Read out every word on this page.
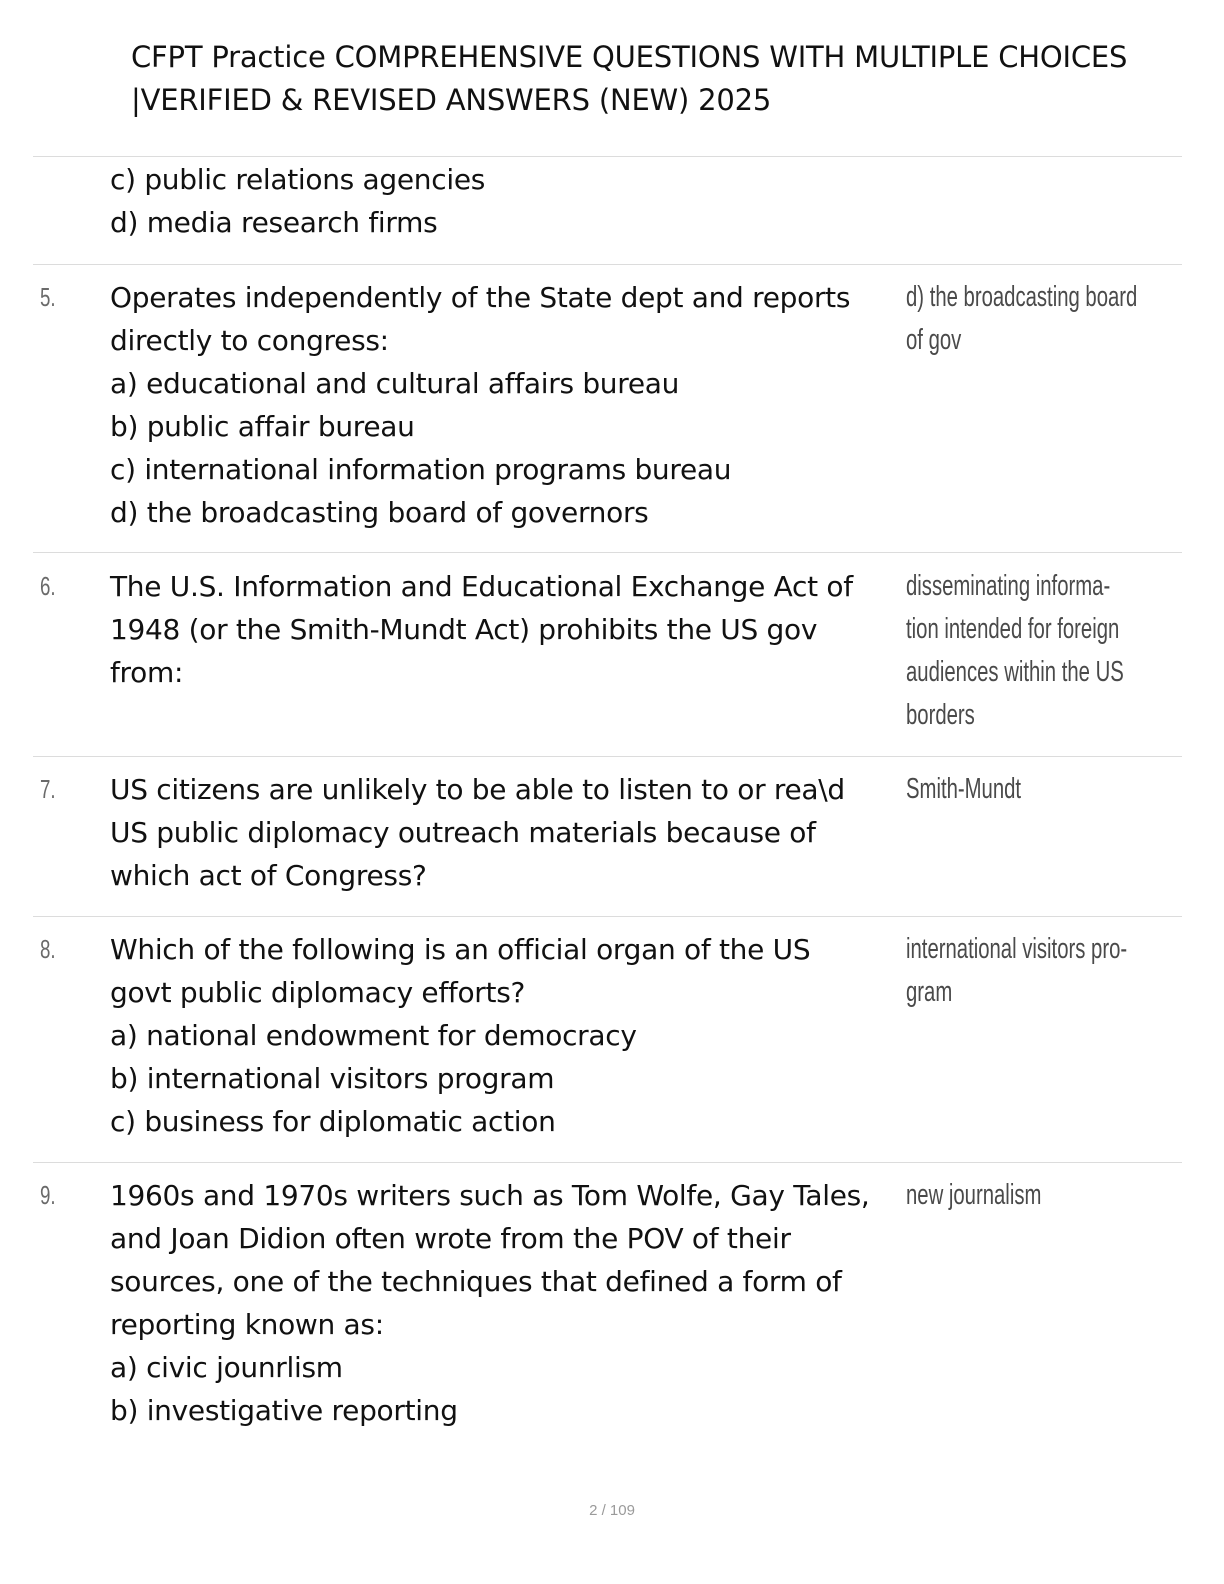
CFPT Practice COMPREHENSIVE QUESTIONS WITH MULTIPLE CHOICES
|VERIFIED & REVISED ANSWERS (NEW) 2025
c) public relations agencies
d) media research firms
5. Operates independently of the State dept and reports
directly to congress:
a) educational and cultural affairs bureau
b) public affair bureau
c) international information programs bureau
d) the broadcasting board of governors
d) the broadcasting board
of gov
6. The U.S. Information and Educational Exchange Act of
1948 (or the Smith-Mundt Act) prohibits the US gov
from:
disseminating informa-
tion intended for foreign
audiences within the US
borders
7. US citizens are unlikely to be able to listen to or rea\d
US public diplomacy outreach materials because of
which act of Congress?
Smith-Mundt
8. Which of the following is an official organ of the US
govt public diplomacy efforts?
a) national endowment for democracy
b) international visitors program
c) business for diplomatic action
international visitors pro-
gram
9. 1960s and 1970s writers such as Tom Wolfe, Gay Tales,
and Joan Didion often wrote from the POV of their
sources, one of the techniques that defined a form of
reporting known as:
a) civic jounrlism
b) investigative reporting
new journalism
2 / 109
